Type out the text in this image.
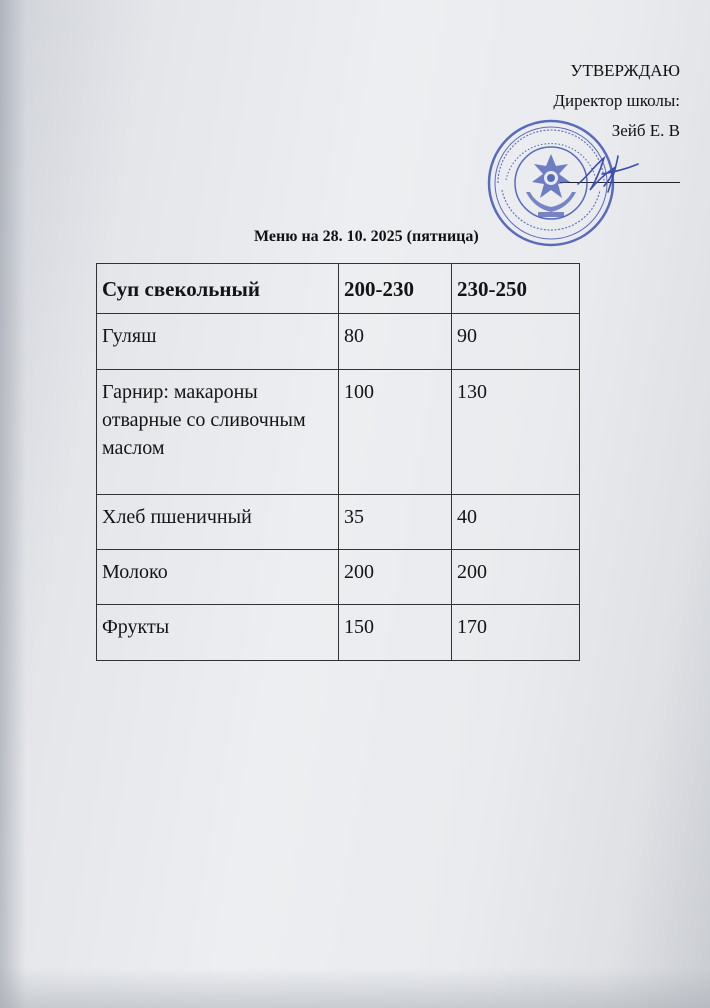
УТВЕРЖДАЮ
Директор школы:
Зейб Е. В
Меню на 28. 10. 2025 (пятница)
Суп свекольный	200-230	230-250
Гуляш	80	90
Гарнир: макароны отварные со сливочным маслом	100	130
Хлеб пшеничный	35	40
Молоко	200	200
Фрукты	150	170
